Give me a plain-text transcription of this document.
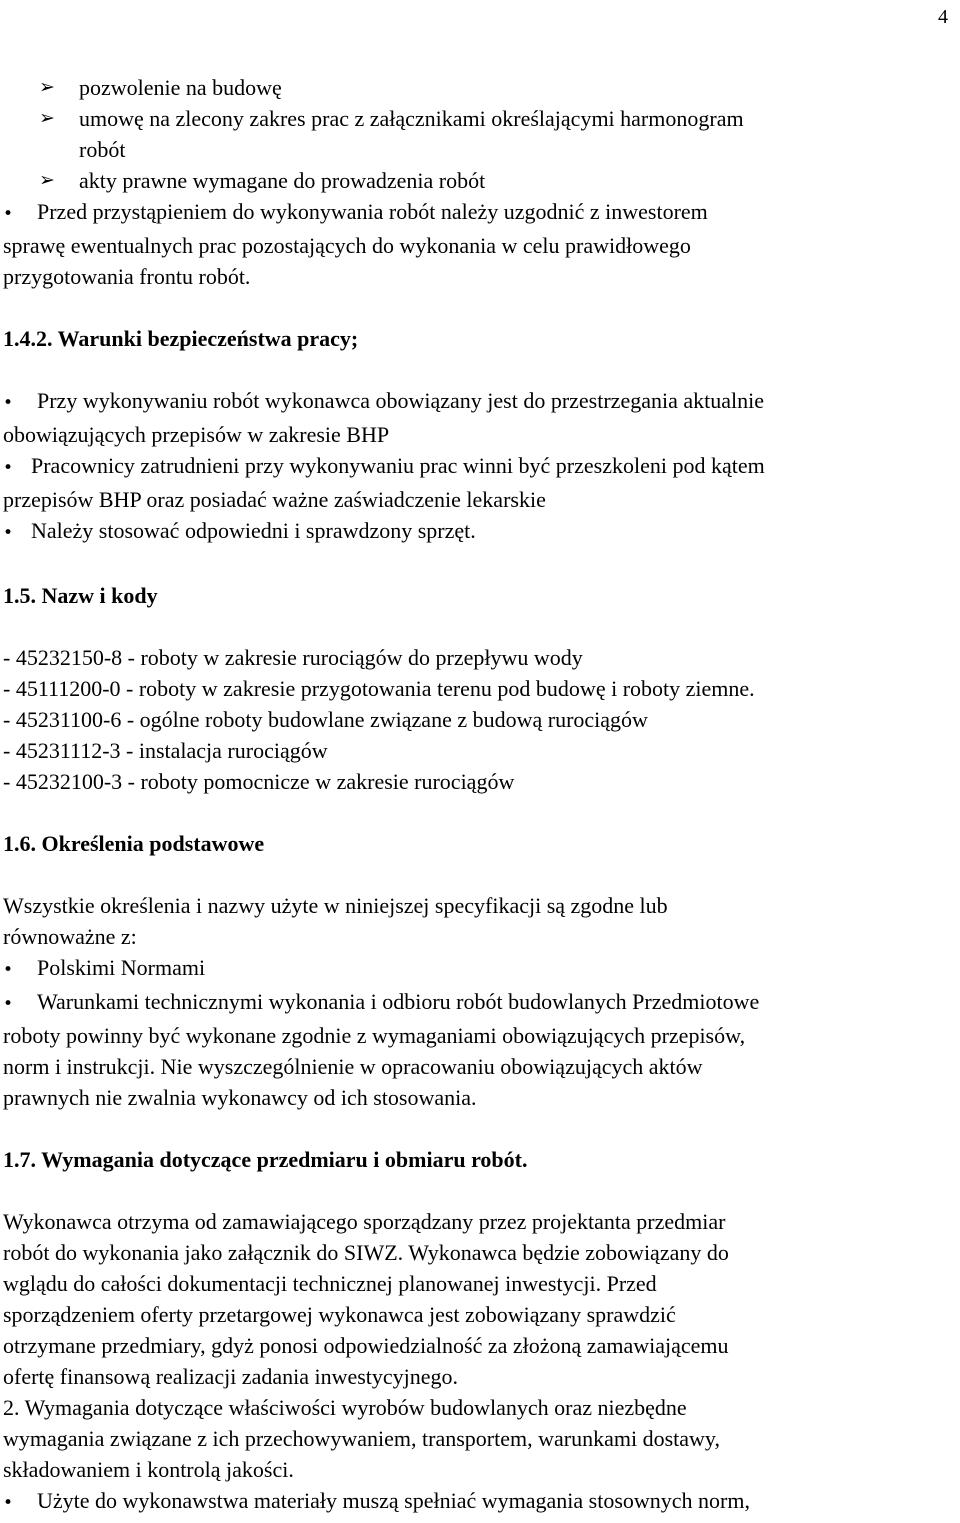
4
➢ pozwolenie na budowę
➢ umowę na zlecony zakres prac z załącznikami określającymi harmonogram
robót
➢ akty prawne wymagane do prowadzenia robót
• Przed przystąpieniem do wykonywania robót należy uzgodnić z inwestorem
sprawę ewentualnych prac pozostających do wykonania w celu prawidłowego
przygotowania frontu robót.
1.4.2. Warunki bezpieczeństwa pracy;
• Przy wykonywaniu robót wykonawca obowiązany jest do przestrzegania aktualnie
obowiązujących przepisów w zakresie BHP
• Pracownicy zatrudnieni przy wykonywaniu prac winni być przeszkoleni pod kątem
przepisów BHP oraz posiadać ważne zaświadczenie lekarskie
• Należy stosować odpowiedni i sprawdzony sprzęt.
1.5. Nazw i kody
- 45232150-8 - roboty w zakresie rurociągów do przepływu wody
- 45111200-0 - roboty w zakresie przygotowania terenu pod budowę i roboty ziemne.
- 45231100-6 - ogólne roboty budowlane związane z budową rurociągów
- 45231112-3 - instalacja rurociągów
- 45232100-3 - roboty pomocnicze w zakresie rurociągów
1.6. Określenia podstawowe
Wszystkie określenia i nazwy użyte w niniejszej specyfikacji są zgodne lub
równoważne z:
• Polskimi Normami
• Warunkami technicznymi wykonania i odbioru robót budowlanych Przedmiotowe
roboty powinny być wykonane zgodnie z wymaganiami obowiązujących przepisów,
norm i instrukcji. Nie wyszczególnienie w opracowaniu obowiązujących aktów
prawnych nie zwalnia wykonawcy od ich stosowania.
1.7. Wymagania dotyczące przedmiaru i obmiaru robót.
Wykonawca otrzyma od zamawiającego sporządzany przez projektanta przedmiar
robót do wykonania jako załącznik do SIWZ. Wykonawca będzie zobowiązany do
wglądu do całości dokumentacji technicznej planowanej inwestycji. Przed
sporządzeniem oferty przetargowej wykonawca jest zobowiązany sprawdzić
otrzymane przedmiary, gdyż ponosi odpowiedzialność za złożoną zamawiającemu
ofertę finansową realizacji zadania inwestycyjnego.
2. Wymagania dotyczące właściwości wyrobów budowlanych oraz niezbędne
wymagania związane z ich przechowywaniem, transportem, warunkami dostawy,
składowaniem i kontrolą jakości.
• Użyte do wykonawstwa materiały muszą spełniać wymagania stosownych norm,
